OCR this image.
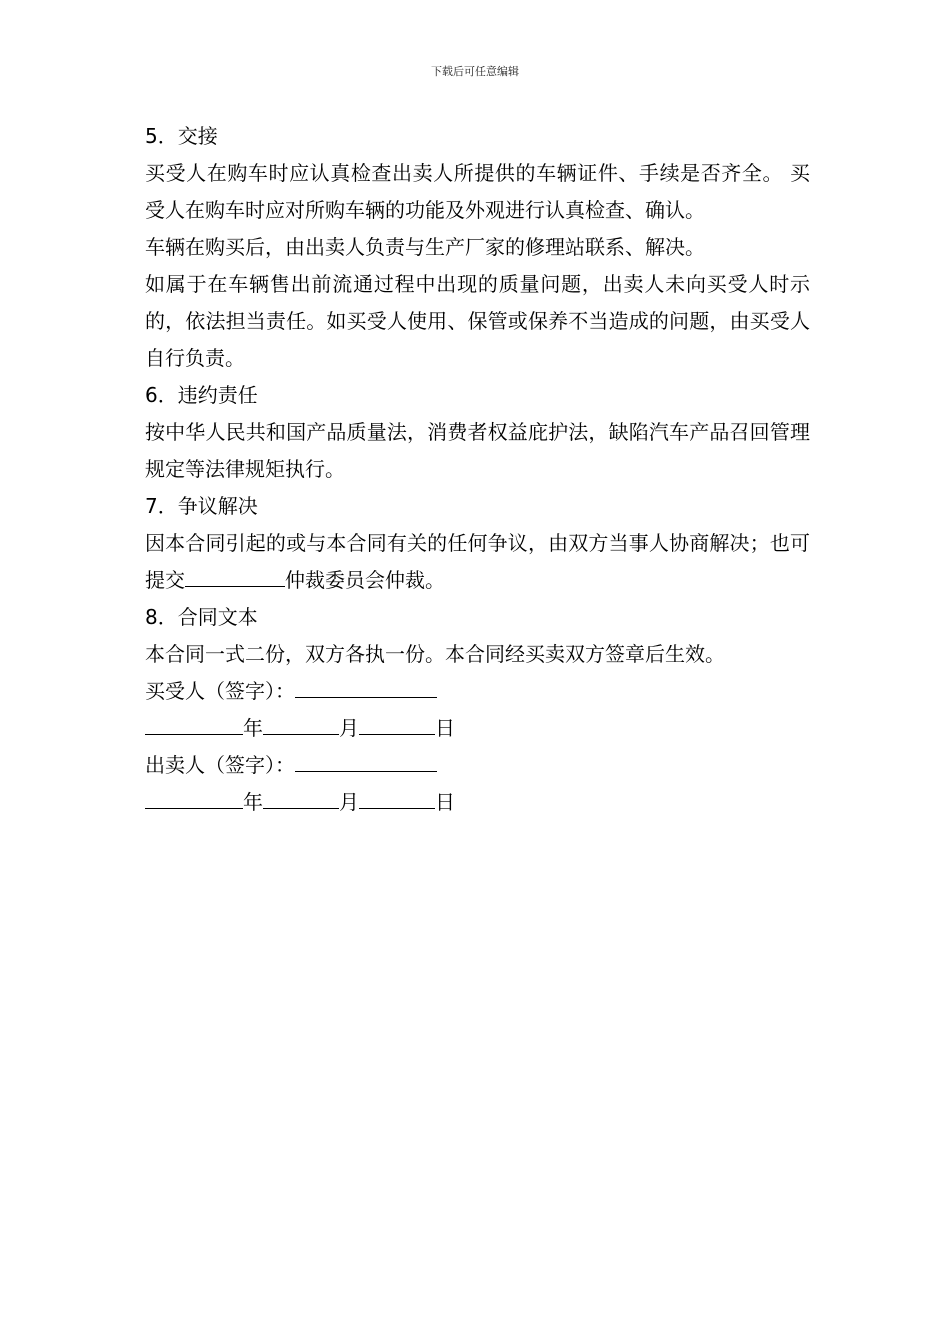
下载后可任意编辑

5．交接

买受人在购车时应认真检查出卖人所提供的车辆证件、手续是否齐全。 买受人在购车时应对所购车辆的功能及外观进行认真检查、确认。

车辆在购买后，由出卖人负责与生产厂家的修理站联系、解决。

如属于在车辆售出前流通过程中出现的质量问题，出卖人未向买受人时示的，依法担当责任。如买受人使用、保管或保养不当造成的问题，由买受人自行负责。

6．违约责任

按中华人民共和国产品质量法，消费者权益庇护法，缺陷汽车产品召回管理规定等法律规矩执行。

7．争议解决

因本合同引起的或与本合同有关的任何争议，由双方当事人协商解决；也可提交	仲裁委员会仲裁。

8．合同文本

本合同一式二份，双方各执一份。本合同经买卖双方签章后生效。

买受人（签字）：

年	月	日

出卖人（签字）：

年	月	日
